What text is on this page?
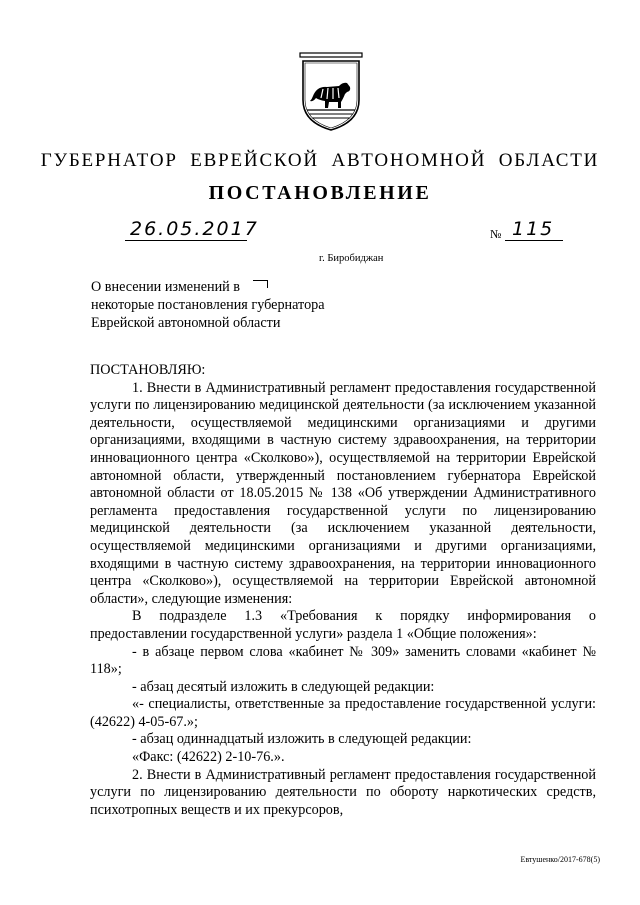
ГУБЕРНАТОР ЕВРЕЙСКОЙ АВТОНОМНОЙ ОБЛАСТИ
ПОСТАНОВЛЕНИЕ
26.05.2017	№ 115
г. Биробиджан
О внесении изменений в
некоторые постановления губернатора
Еврейской автономной области

ПОСТАНОВЛЯЮ:

1. Внести в Административный регламент предоставления государственной услуги по лицензированию медицинской деятельности (за исключением указанной деятельности, осуществляемой медицинскими организациями и другими организациями, входящими в частную систему здравоохранения, на территории инновационного центра «Сколково»), осуществляемой на территории Еврейской автономной области, утвержденный постановлением губернатора Еврейской автономной области от 18.05.2015 № 138 «Об утверждении Административного регламента предоставления государственной услуги по лицензированию медицинской деятельности (за исключением указанной деятельности, осуществляемой медицинскими организациями и другими организациями, входящими в частную систему здравоохранения, на территории инновационного центра «Сколково»), осуществляемой на территории Еврейской автономной области», следующие изменения:

В подразделе 1.3 «Требования к порядку информирования о предоставлении государственной услуги» раздела 1 «Общие положения»:

- в абзаце первом слова «кабинет № 309» заменить словами «кабинет № 118»;

- абзац десятый изложить в следующей редакции:

«- специалисты, ответственные за предоставление государственной услуги: (42622) 4-05-67.»;

- абзац одиннадцатый изложить в следующей редакции:

«Факс: (42622) 2-10-76.».

2. Внести в Административный регламент предоставления государственной услуги по лицензированию деятельности по обороту наркотических средств, психотропных веществ и их прекурсоров,

Евтушенко/2017-678(5)
